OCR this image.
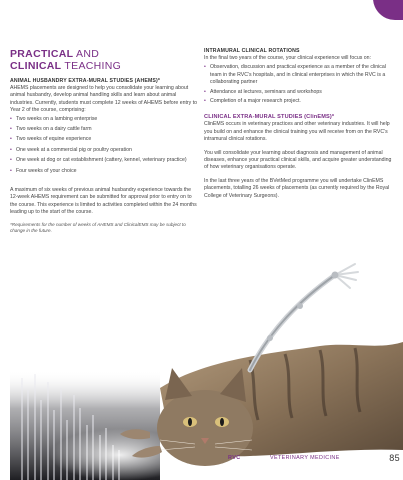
PRACTICAL AND
CLINICAL TEACHING
ANIMAL HUSBANDRY EXTRA-MURAL STUDIES (AHEMS)*

AHEMS placements are designed to help you consolidate your learning about animal husbandry, develop animal handling skills and learn about animal industries. Currently, students must complete 12 weeks of AHEMS before entry to Year 2 of the course, comprising:

• Two weeks on a lambing enterprise
• Two weeks on a dairy cattle farm
• Two weeks of equine experience
• One week at a commercial pig or poultry operation
• One week at dog or cat establishment (cattery, kennel, veterinary practice)
• Four weeks of your choice

A maximum of six weeks of previous animal husbandry experience towards the 12-week AHEMS requirement can be submitted for approval prior to entry on to the course. This experience is limited to activities completed within the 24 months leading up to the start of the course.

*Requirements for the number of weeks of AHEMS and ClinicalEMS may be subject to change in the future.
INTRAMURAL CLINICAL ROTATIONS

In the final two years of the course, your clinical experience will focus on:

• Observation, discussion and practical experience as a member of the clinical team in the RVC’s hospitals, and in clinical enterprises in which the RVC is a collaborating partner
• Attendance at lectures, seminars and workshops
• Completion of a major research project.
CLINICAL EXTRA-MURAL STUDIES (ClinEMS)*

ClinEMS occurs in veterinary practices and other veterinary industries. It will help you build on and enhance the clinical training you will receive from on the RVC’s intramural clinical rotations.

You will consolidate your learning about diagnosis and management of animal diseases, enhance your practical clinical skills, and acquire greater understanding of how veterinary organisations operate.

In the last three years of the BVetMed programme you will undertake ClinEMS placements, totalling 26 weeks of placements (as currently required by the Royal College of Veterinary Surgeons).

RVC	VETERINARY MEDICINE	85
